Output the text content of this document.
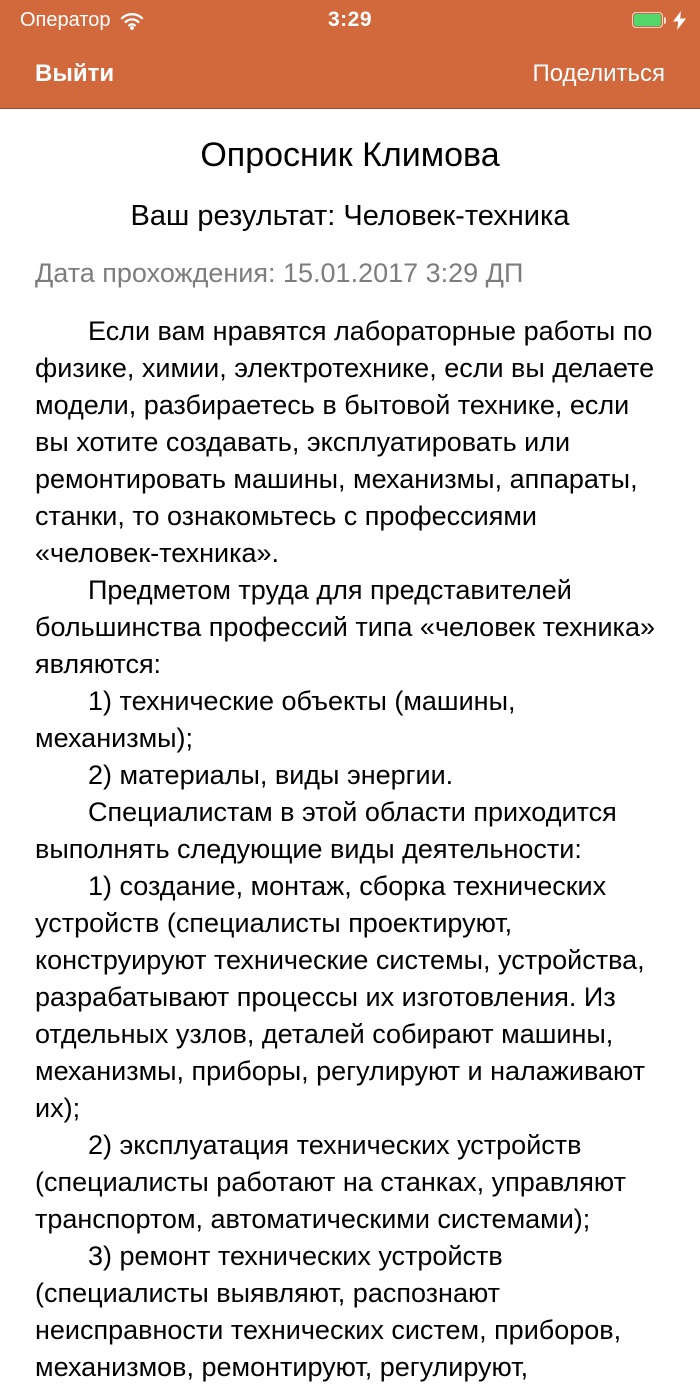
Оператор	3:29
Выйти	Поделиться
Опросник Климова
Ваш результат: Человек-техника
Дата прохождения: 15.01.2017 3:29 ДП

Если вам нравятся лабораторные работы по физике, химии, электротехнике, если вы делаете модели, разбираетесь в бытовой технике, если вы хотите создавать, эксплуатировать или ремонтировать машины, механизмы, аппараты, станки, то ознакомьтесь с профессиями «человек-техника».

Предметом труда для представителей большинства профессий типа «человек техника» являются:

1) технические объекты (машины, механизмы);

2) материалы, виды энергии.

Специалистам в этой области приходится выполнять следующие виды деятельности:

1) создание, монтаж, сборка технических устройств (специалисты проектируют, конструируют технические системы, устройства, разрабатывают процессы их изготовления. Из отдельных узлов, деталей собирают машины, механизмы, приборы, регулируют и налаживают их);

2) эксплуатация технических устройств (специалисты работают на станках, управляют транспортом, автоматическими системами);

3) ремонт технических устройств (специалисты выявляют, распознают неисправности технических систем, приборов, механизмов, ремонтируют, регулируют,
